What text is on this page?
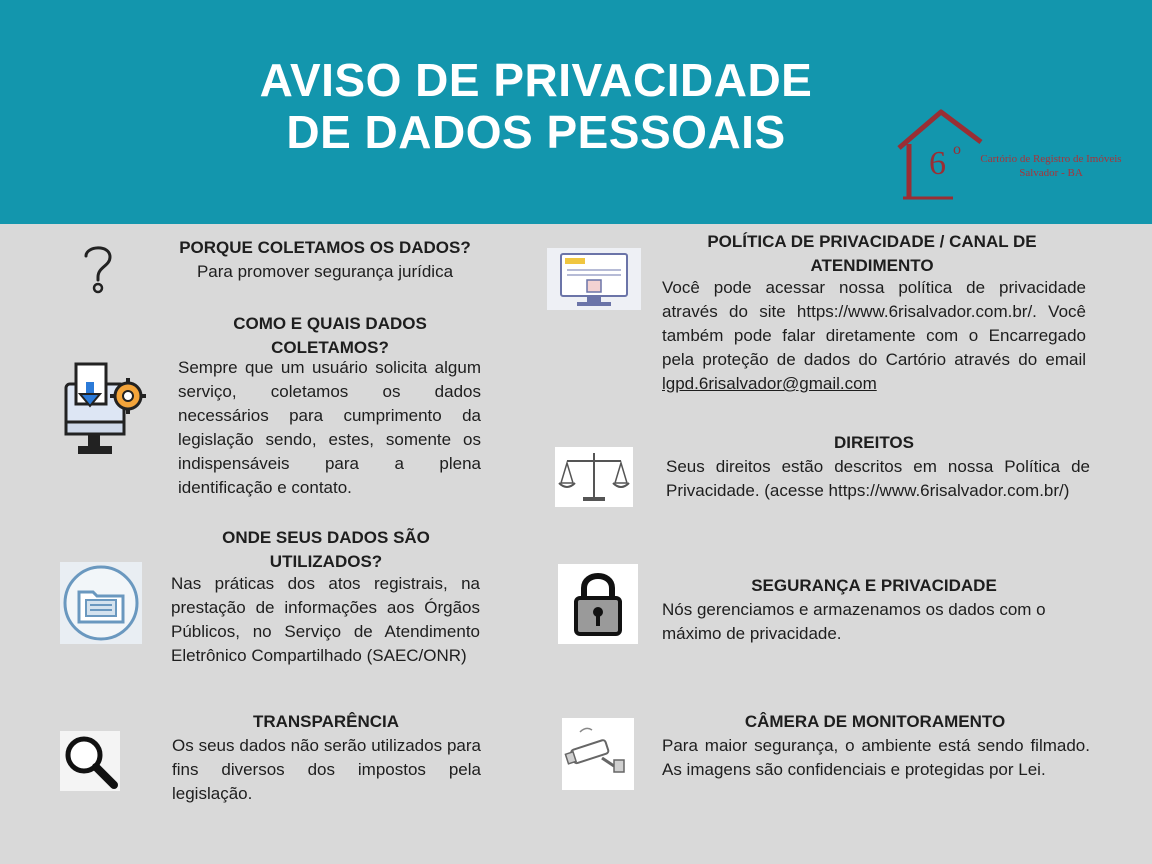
AVISO DE PRIVACIDADE
DE DADOS PESSOAIS
6 o
Cartório de Registro de Imóveis
Salvador - BA
PORQUE COLETAMOS OS DADOS?
Para promover segurança jurídica
COMO E QUAIS DADOS
COLETAMOS?
Sempre que um usuário solicita algum serviço, coletamos os dados necessários para cumprimento da legislação sendo, estes, somente os indispensáveis para a plena identificação e contato.
ONDE SEUS DADOS SÃO
UTILIZADOS?
Nas práticas dos atos registrais, na prestação de informações aos Órgãos Públicos, no Serviço de Atendimento Eletrônico Compartilhado (SAEC/ONR)
TRANSPARÊNCIA
Os seus dados não serão utilizados para fins diversos dos impostos pela legislação.
POLÍTICA DE PRIVACIDADE / CANAL DE
ATENDIMENTO
Você pode acessar nossa política de privacidade através do site https://www.6risalvador.com.br/. Você também pode falar diretamente com o Encarregado pela proteção de dados do Cartório através do email lgpd.6risalvador@gmail.com
DIREITOS
Seus direitos estão descritos em nossa Política de Privacidade. (acesse https://www.6risalvador.com.br/)
SEGURANÇA E PRIVACIDADE
Nós gerenciamos e armazenamos os dados com o máximo de privacidade.
CÂMERA DE MONITORAMENTO
Para maior segurança, o ambiente está sendo filmado. As imagens são confidenciais e protegidas por Lei.
